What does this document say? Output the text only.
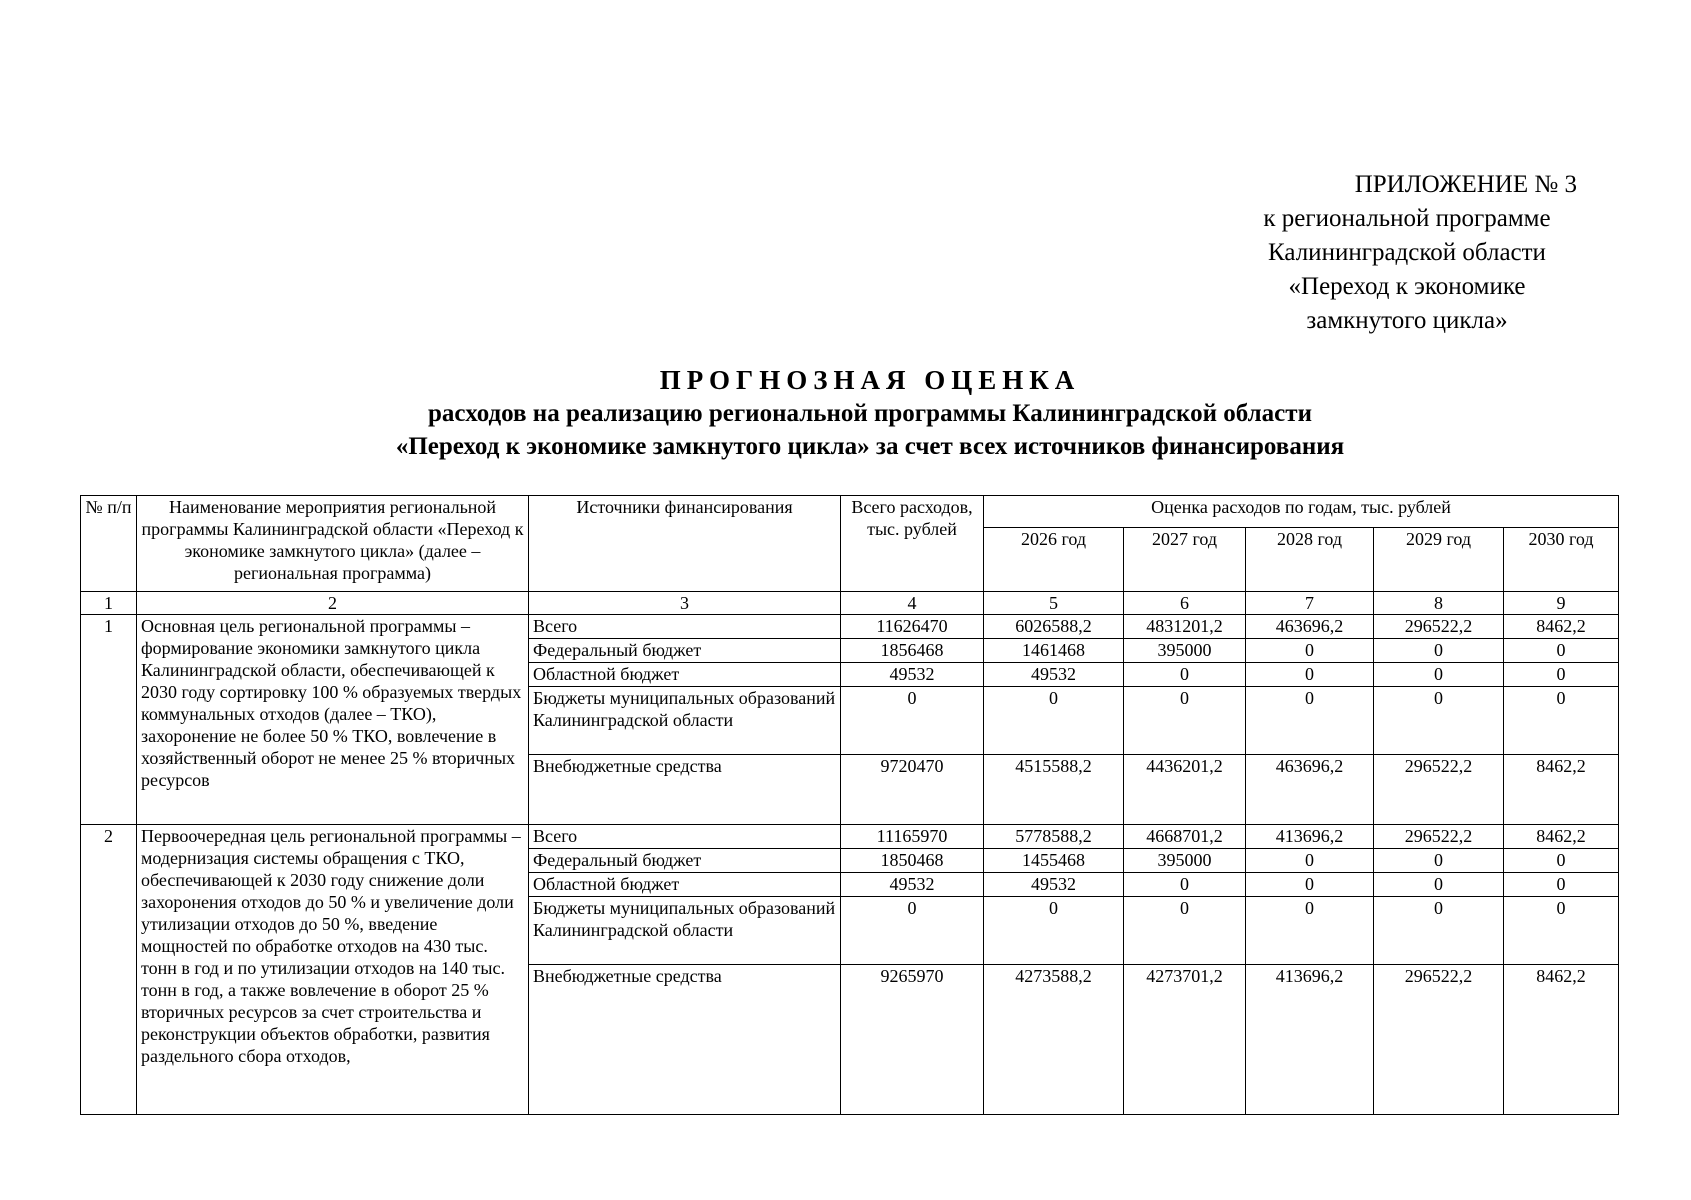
ПРИЛОЖЕНИЕ № 3
к региональной программе
Калининградской области
«Переход к экономике
замкнутого цикла»
ПРОГНОЗНАЯ ОЦЕНКА
расходов на реализацию региональной программы Калининградской области
«Переход к экономике замкнутого цикла» за счет всех источников финансирования
№ п/п	Наименование мероприятия региональной программы Калининградской области «Переход к экономике замкнутого цикла» (далее – региональная программа)	Источники финансирования	Всего расходов, тыс. рублей	Оценка расходов по годам, тыс. рублей				
				2026 год	2027 год	2028 год	2029 год	2030 год
1	2	3	4	5	6	7	8	9
1	Основная цель региональной программы – формирование экономики замкнутого цикла Калининградской области, обеспечивающей к 2030 году сортировку 100 % образуемых твердых коммунальных отходов (далее – ТКО), захоронение не более 50 % ТКО, вовлечение в хозяйственный оборот не менее 25 % вторичных ресурсов	Всего	11626470	6026588,2	4831201,2	463696,2	296522,2	8462,2
		Федеральный бюджет	1856468	1461468	395000	0	0	0
		Областной бюджет	49532	49532	0	0	0	0
		Бюджеты муниципальных образований Калининградской области	0	0	0	0	0	0
		Внебюджетные средства	9720470	4515588,2	4436201,2	463696,2	296522,2	8462,2
2	Первоочередная цель региональной программы – модернизация системы обращения с ТКО, обеспечивающей к 2030 году снижение доли захоронения отходов до 50 % и увеличение доли утилизации отходов до 50 %, введение мощностей по обработке отходов на 430 тыс. тонн в год и по утилизации отходов на 140 тыс. тонн в год, а также вовлечение в оборот 25 % вторичных ресурсов за счет строительства и реконструкции объектов обработки, развития раздельного сбора отходов,	Всего	11165970	5778588,2	4668701,2	413696,2	296522,2	8462,2
		Федеральный бюджет	1850468	1455468	395000	0	0	0
		Областной бюджет	49532	49532	0	0	0	0
		Бюджеты муниципальных образований Калининградской области	0	0	0	0	0	0
		Внебюджетные средства	9265970	4273588,2	4273701,2	413696,2	296522,2	8462,2
